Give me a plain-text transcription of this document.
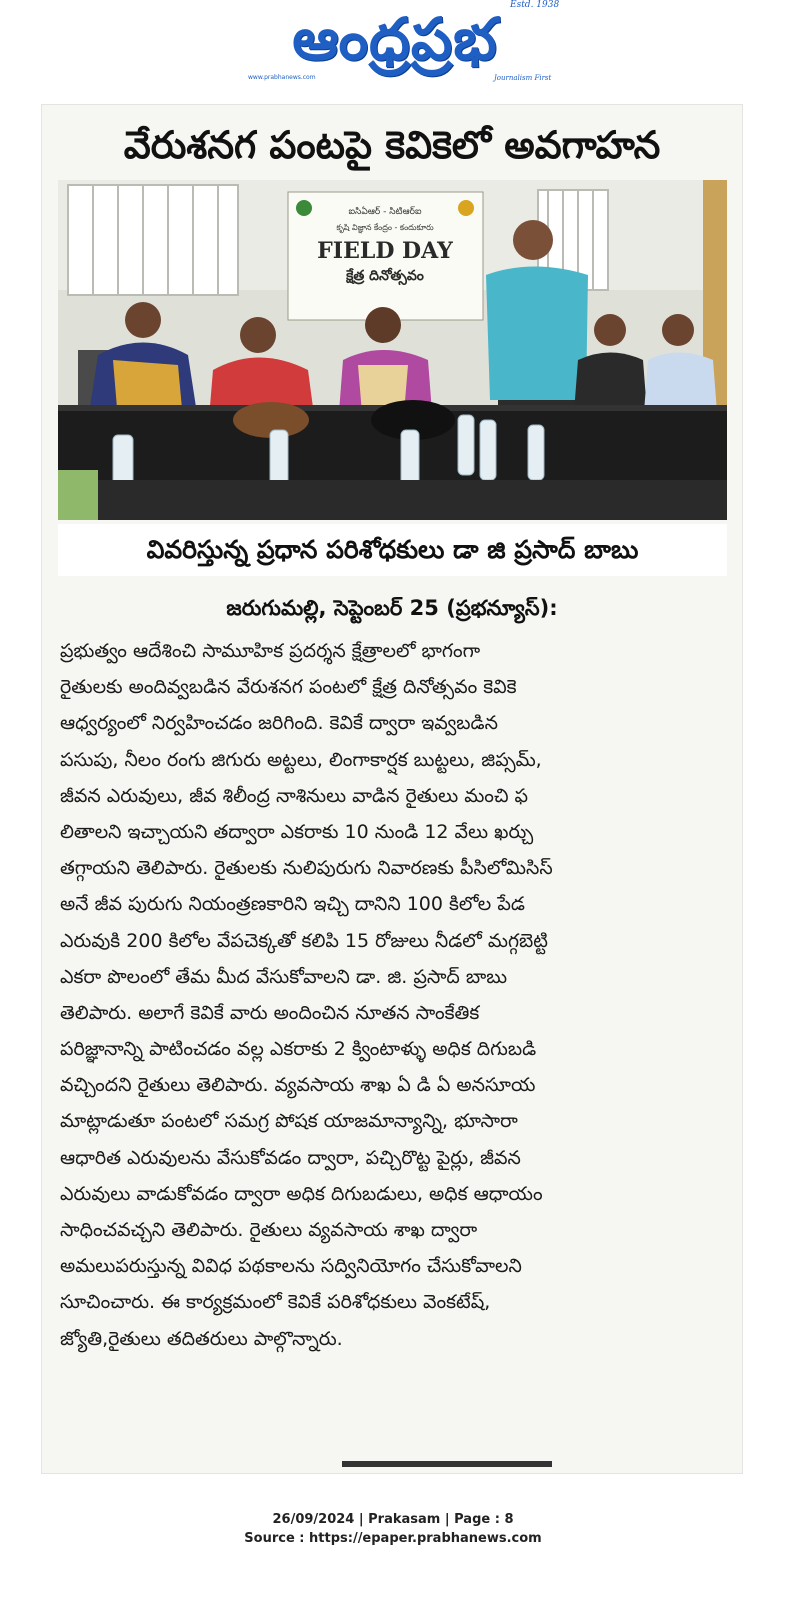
ఆంధ్రప్రభ	Estd. 1938
www.prabhanews.com	Journalism First
వేరుశనగ పంటపై కెవికెలో అవగాహన
ఐసిఏఆర్ - సిటిఆర్ఐ
కృషి విజ్ఞాన కేంద్రం - కందుకూరు
FIELD DAY
క్షేత్ర దినోత్సవం
వివరిస్తున్న ప్రధాన పరిశోధకులు డా జి ప్రసాద్ బాబు
జరుగుమల్లి, సెప్టెంబర్ 25 (ప్రభన్యూస్):
ప్రభుత్వం ఆదేశించి సామూహిక ప్రదర్శన క్షేత్రాలలో భాగంగా
రైతులకు అందివ్వబడిన వేరుశనగ పంటలో క్షేత్ర దినోత్సవం కెవికె
ఆధ్వర్యంలో నిర్వహించడం జరిగింది. కెవికే ద్వారా ఇవ్వబడిన
పసుపు, నీలం రంగు జిగురు అట్టలు, లింగాకార్షక బుట్టలు, జిప్సమ్,
జీవన ఎరువులు, జీవ శిలీంద్ర నాశినులు వాడిన రైతులు మంచి ఫ
లితాలని ఇచ్చాయని తద్వారా ఎకరాకు 10 నుండి 12 వేలు ఖర్చు
తగ్గాయని తెలిపారు. రైతులకు నులిపురుగు నివారణకు పీసిలోమిసిస్
అనే జీవ పురుగు నియంత్రణకారిని ఇచ్చి దానిని 100 కిలోల పేడ
ఎరువుకి 200 కిలోల వేపచెక్కతో కలిపి 15 రోజులు నీడలో మగ్గబెట్టి
ఎకరా పొలంలో తేమ మీద వేసుకోవాలని డా. జి. ప్రసాద్ బాబు
తెలిపారు. అలాగే కెవికే వారు అందించిన నూతన సాంకేతిక
పరిజ్ఞానాన్ని పాటించడం వల్ల ఎకరాకు 2 క్వింటాళ్ళు అధిక దిగుబడి
వచ్చిందని రైతులు తెలిపారు. వ్యవసాయ శాఖ ఏ డి ఏ అనసూయ
మాట్లాడుతూ పంటలో సమగ్ర పోషక యాజమాన్యాన్ని, భూసారా
ఆధారిత ఎరువులను వేసుకోవడం ద్వారా, పచ్చిరొట్ట పైర్లు, జీవన
ఎరువులు వాడుకోవడం ద్వారా అధిక దిగుబడులు, అధిక ఆధాయం
సాధించవచ్చని తెలిపారు. రైతులు వ్యవసాయ శాఖ ద్వారా
అమలుపరుస్తున్న వివిధ పథకాలను సద్వినియోగం చేసుకోవాలని
సూచించారు. ఈ కార్యక్రమంలో కెవికే పరిశోధకులు వెంకటేష్,
జ్యోతి,రైతులు తదితరులు పాల్గొన్నారు.
26/09/2024 | Prakasam | Page : 8
Source : https://epaper.prabhanews.com
